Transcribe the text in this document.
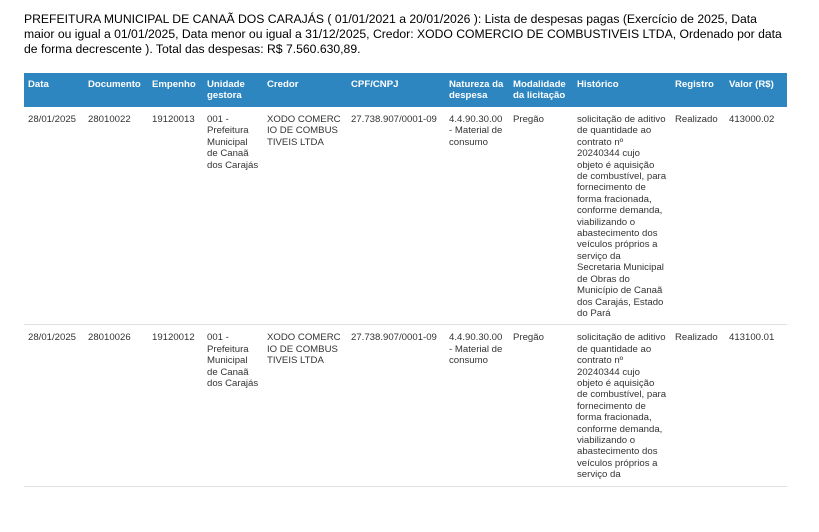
PREFEITURA MUNICIPAL DE CANAÃ DOS CARAJÁS ( 01/01/2021 a 20/01/2026 ): Lista de despesas pagas (Exercício de 2025, Data maior ou igual a 01/01/2025, Data menor ou igual a 31/12/2025, Credor: XODO COMERCIO DE COMBUSTIVEIS LTDA, Ordenado por data de forma decrescente ). Total das despesas: R$ 7.560.630,89.

Data	Documento	Empenho	Unidade gestora	Credor	CPF/CNPJ	Natureza da despesa	Modalidade da licitação	Histórico	Registro	Valor (R$)
28/01/2025	28010022	19120013	001 - Prefeitura Municipal de Canaã dos Carajás	XODO COMERCIO DE COMBUSTIVEIS LTDA	27.738.907/0001-09	4.4.90.30.00 - Material de consumo	Pregão	solicitação de aditivo de quantidade ao contrato nº 20240344 cujo objeto é aquisição de combustível, para fornecimento de forma fracionada, conforme demanda, viabilizando o abastecimento dos veículos próprios a serviço da Secretaria Municipal de Obras do Município de Canaã dos Carajás, Estado do Pará	Realizado	413000.02
28/01/2025	28010026	19120012	001 - Prefeitura Municipal de Canaã dos Carajás	XODO COMERCIO DE COMBUSTIVEIS LTDA	27.738.907/0001-09	4.4.90.30.00 - Material de consumo	Pregão	solicitação de aditivo de quantidade ao contrato nº 20240344 cujo objeto é aquisição de combustível, para fornecimento de forma fracionada, conforme demanda, viabilizando o abastecimento dos veículos próprios a serviço da	Realizado	413100.01
